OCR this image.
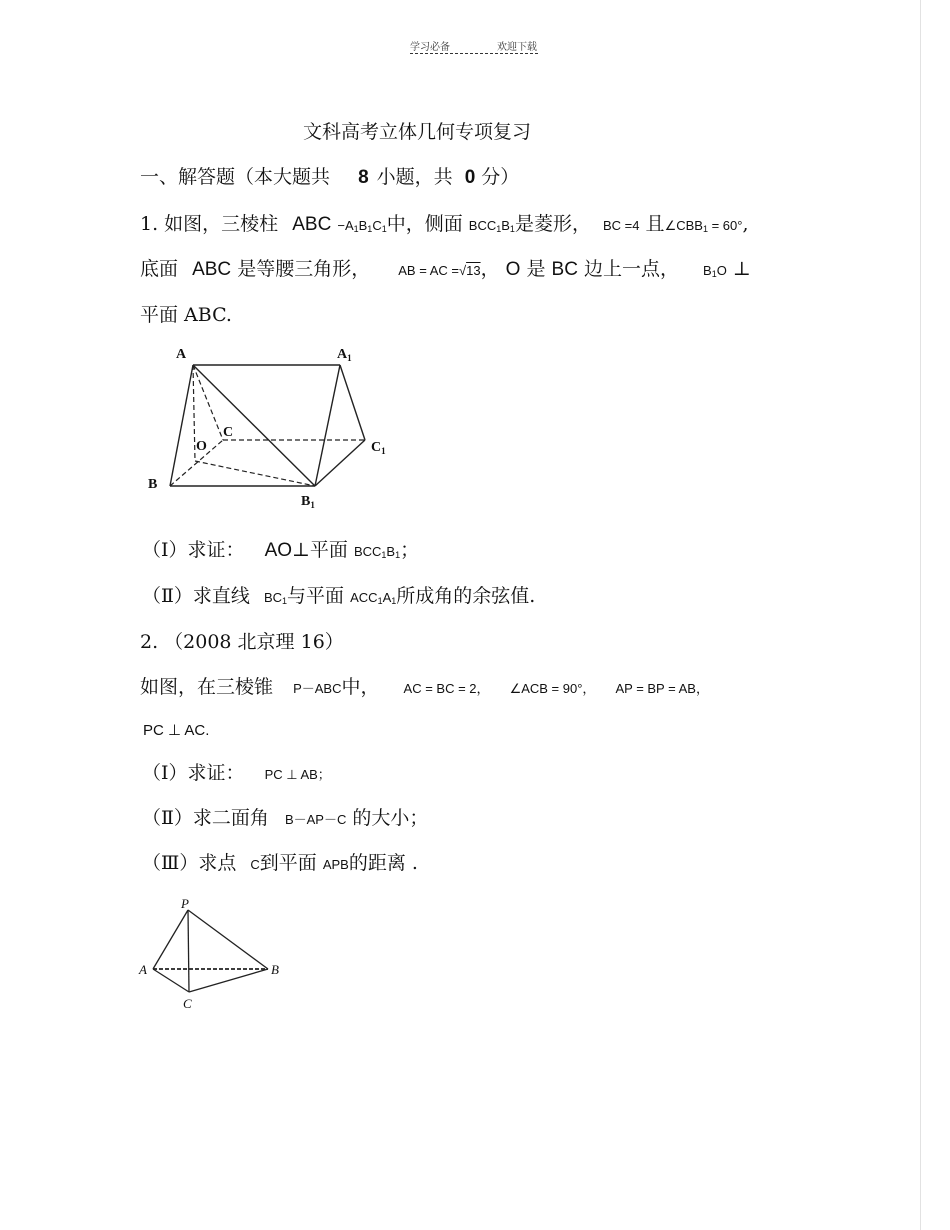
学习必备	欢迎下载
文科高考立体几何专项复习
一、解答题（本大题共 8 小题，共 0 分）
1. 如图，三棱柱 ABC $-A_1B_1C_1$中，侧面 $BCC_1B_1$是菱形， BC =4 且$\angle CBB_1 = 60^\circ$,
底面 ABC 是等腰三角形， AB = AC =√13， O 是 BC 边上一点， $B_1O$ ⊥
平面 ABC.
A	$A_1$
C
O	$C_1$
B
$B_1$
（Ⅰ）求证： AO⊥平面 $BCC_1B_1$；
（Ⅱ）求直线 $BC_1$与平面 $ACC_1A_1$所成角的余弦值.
2. （2008 北京理 16）
如图，在三棱锥 P－ABC中， AC = BC = 2， ∠ACB = 90°， AP = BP = AB，
PC ⊥ AC.
（Ⅰ）求证： PC ⊥ AB；
（Ⅱ）求二面角 B－AP－C 的大小；
（Ⅲ）求点 C到平面 APB的距离 .
P
A	B
C
